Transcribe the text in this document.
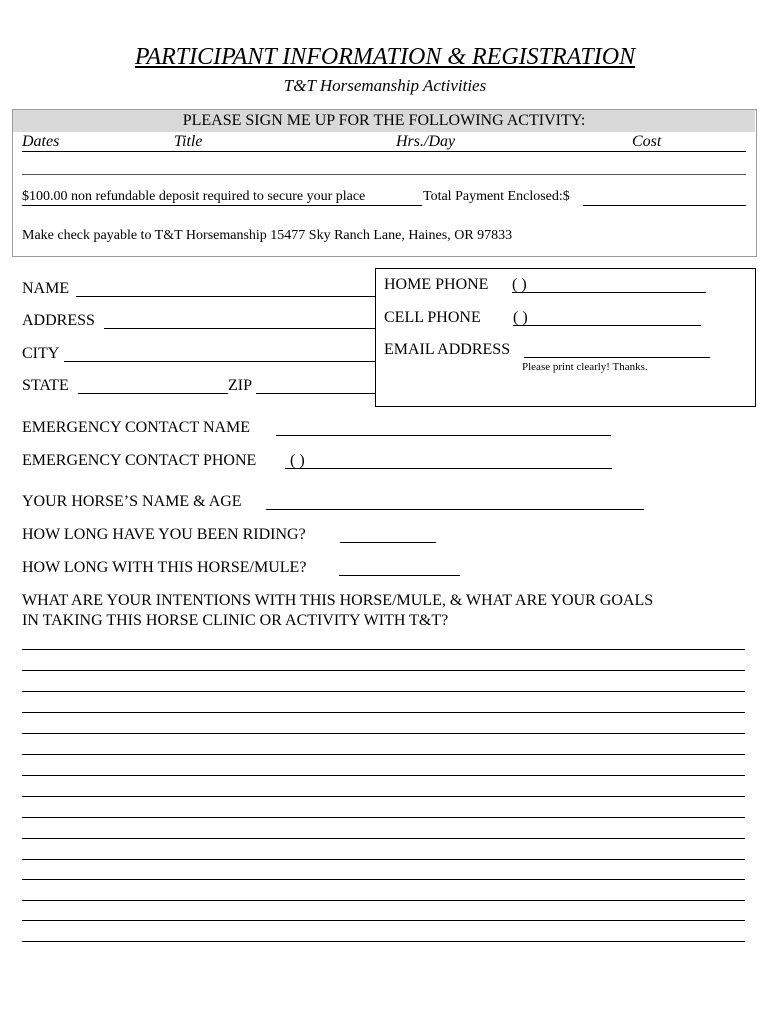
PARTICIPANT INFORMATION & REGISTRATION
T&T Horsemanship Activities
PLEASE SIGN ME UP FOR THE FOLLOWING ACTIVITY:
Dates	Title	Hrs./Day	Cost
$100.00 non refundable deposit required to secure your place	Total Payment Enclosed:$
Make check payable to T&T Horsemanship 15477 Sky Ranch Lane, Haines, OR 97833
NAME
ADDRESS
CITY
STATE	ZIP
HOME PHONE ( )
CELL PHONE ( )
EMAIL ADDRESS
Please print clearly! Thanks.
EMERGENCY CONTACT NAME
EMERGENCY CONTACT PHONE ( )
YOUR HORSE’S NAME & AGE
HOW LONG HAVE YOU BEEN RIDING?
HOW LONG WITH THIS HORSE/MULE?
WHAT ARE YOUR INTENTIONS WITH THIS HORSE/MULE, & WHAT ARE YOUR GOALS
IN TAKING THIS HORSE CLINIC OR ACTIVITY WITH T&T?
